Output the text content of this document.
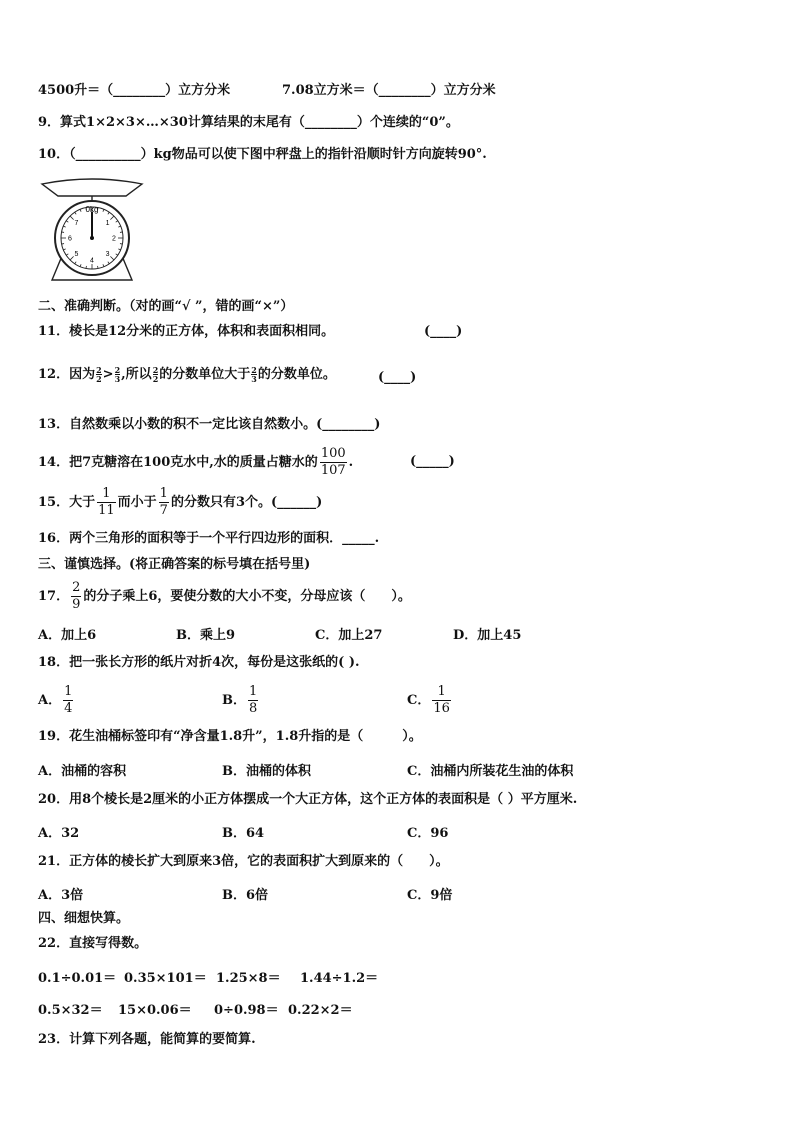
4500升＝（________）立方分米	7.08立方米＝（________）立方分米
9．算式1×2×3×…×30计算结果的末尾有（________）个连续的“0”。
10．（__________）kg物品可以使下图中秤盘上的指针沿顺时针方向旋转90°.
0kg
1
2
3
4
5
6
7
二、准确判断。（对的画“√ ”，错的画“×”）
11．棱长是12分米的正方体，体积和表面积相同。	(____)
12．因为 $\frac{2}{2} > \frac{2}{3}$ ,所以 $\frac{2}{2}$ 的分数单位大于 $\frac{2}{3}$ 的分数单位。	(____)
13．自然数乘以小数的积不一定比该自然数小。(________)
14．把7克糖溶在100克水中,水的质量占糖水的 $\frac{100}{107}$ .	(_____)
15．大于 $\frac{1}{11}$ 而小于 $\frac{1}{7}$ 的分数只有3个。(______)
16．两个三角形的面积等于一个平行四边形的面积．_____.
三、谨慎选择。(将正确答案的标号填在括号里)
17． $\frac{2}{9}$ 的分子乘上6，要使分数的大小不变，分母应该（　　）。
A．加上6	B．乘上9	C．加上27	D．加上45
18．把一张长方形的纸片对折4次，每份是这张纸的( ).
A． $\frac{1}{4}$	B． $\frac{1}{8}$	C． $\frac{1}{16}$
19．花生油桶标签印有“净含量1.8升”，1.8升指的是（　　　）。
A．油桶的容积	B．油桶的体积	C．油桶内所装花生油的体积
20．用8个棱长是2厘米的小正方体摆成一个大正方体，这个正方体的表面积是（ ）平方厘米.
A．32	B．64	C．96
21．正方体的棱长扩大到原来3倍，它的表面积扩大到原来的（　　）。
A．3倍	B．6倍	C．9倍
四、细想快算。
22．直接写得数。
0.1÷0.01＝ 0.35×101＝ 1.25×8＝ 1.44÷1.2＝
0.5×32＝ 15×0.06＝ 0÷0.98＝ 0.22×2＝
23．计算下列各题，能简算的要简算.
